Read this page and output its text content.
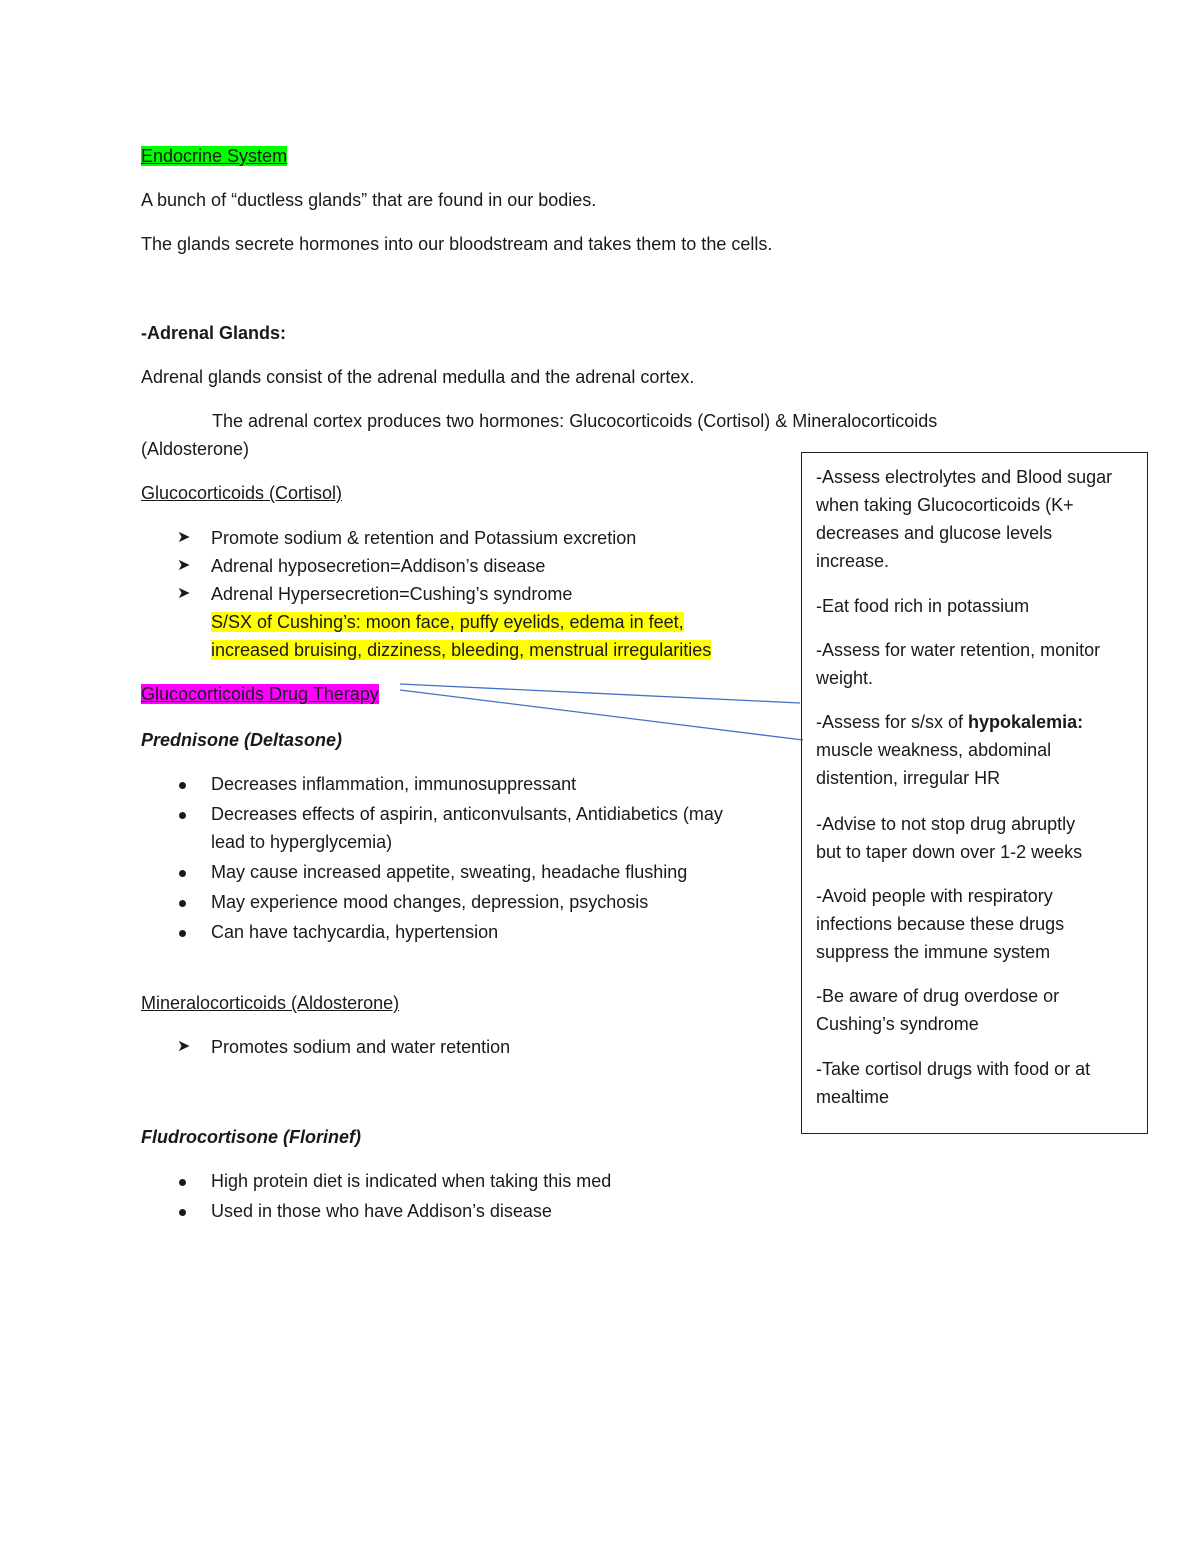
Endocrine System
A bunch of “ductless glands” that are found in our bodies.
The glands secrete hormones into our bloodstream and takes them to the cells.
-Adrenal Glands:
Adrenal glands consist of the adrenal medulla and the adrenal cortex.
The adrenal cortex produces two hormones: Glucocorticoids (Cortisol) & Mineralocorticoids
(Aldosterone)
Glucocorticoids (Cortisol)
➤ Promote sodium & retention and Potassium excretion
➤ Adrenal hyposecretion=Addison’s disease
➤ Adrenal Hypersecretion=Cushing’s syndrome
S/SX of Cushing’s: moon face, puffy eyelids, edema in feet,
increased bruising, dizziness, bleeding, menstrual irregularities
Glucocorticoids Drug Therapy
Prednisone (Deltasone)
Decreases inflammation, immunosuppressant
Decreases effects of aspirin, anticonvulsants, Antidiabetics (may
lead to hyperglycemia)
May cause increased appetite, sweating, headache flushing
May experience mood changes, depression, psychosis
Can have tachycardia, hypertension
Mineralocorticoids (Aldosterone)
➤ Promotes sodium and water retention
Fludrocortisone (Florinef)
High protein diet is indicated when taking this med
Used in those who have Addison’s disease
-Assess electrolytes and Blood sugar
when taking Glucocorticoids (K+
decreases and glucose levels
increase.
-Eat food rich in potassium
-Assess for water retention, monitor
weight.
-Assess for s/sx of hypokalemia:
muscle weakness, abdominal
distention, irregular HR
-Advise to not stop drug abruptly
but to taper down over 1-2 weeks
-Avoid people with respiratory
infections because these drugs
suppress the immune system
-Be aware of drug overdose or
Cushing’s syndrome
-Take cortisol drugs with food or at
mealtime
